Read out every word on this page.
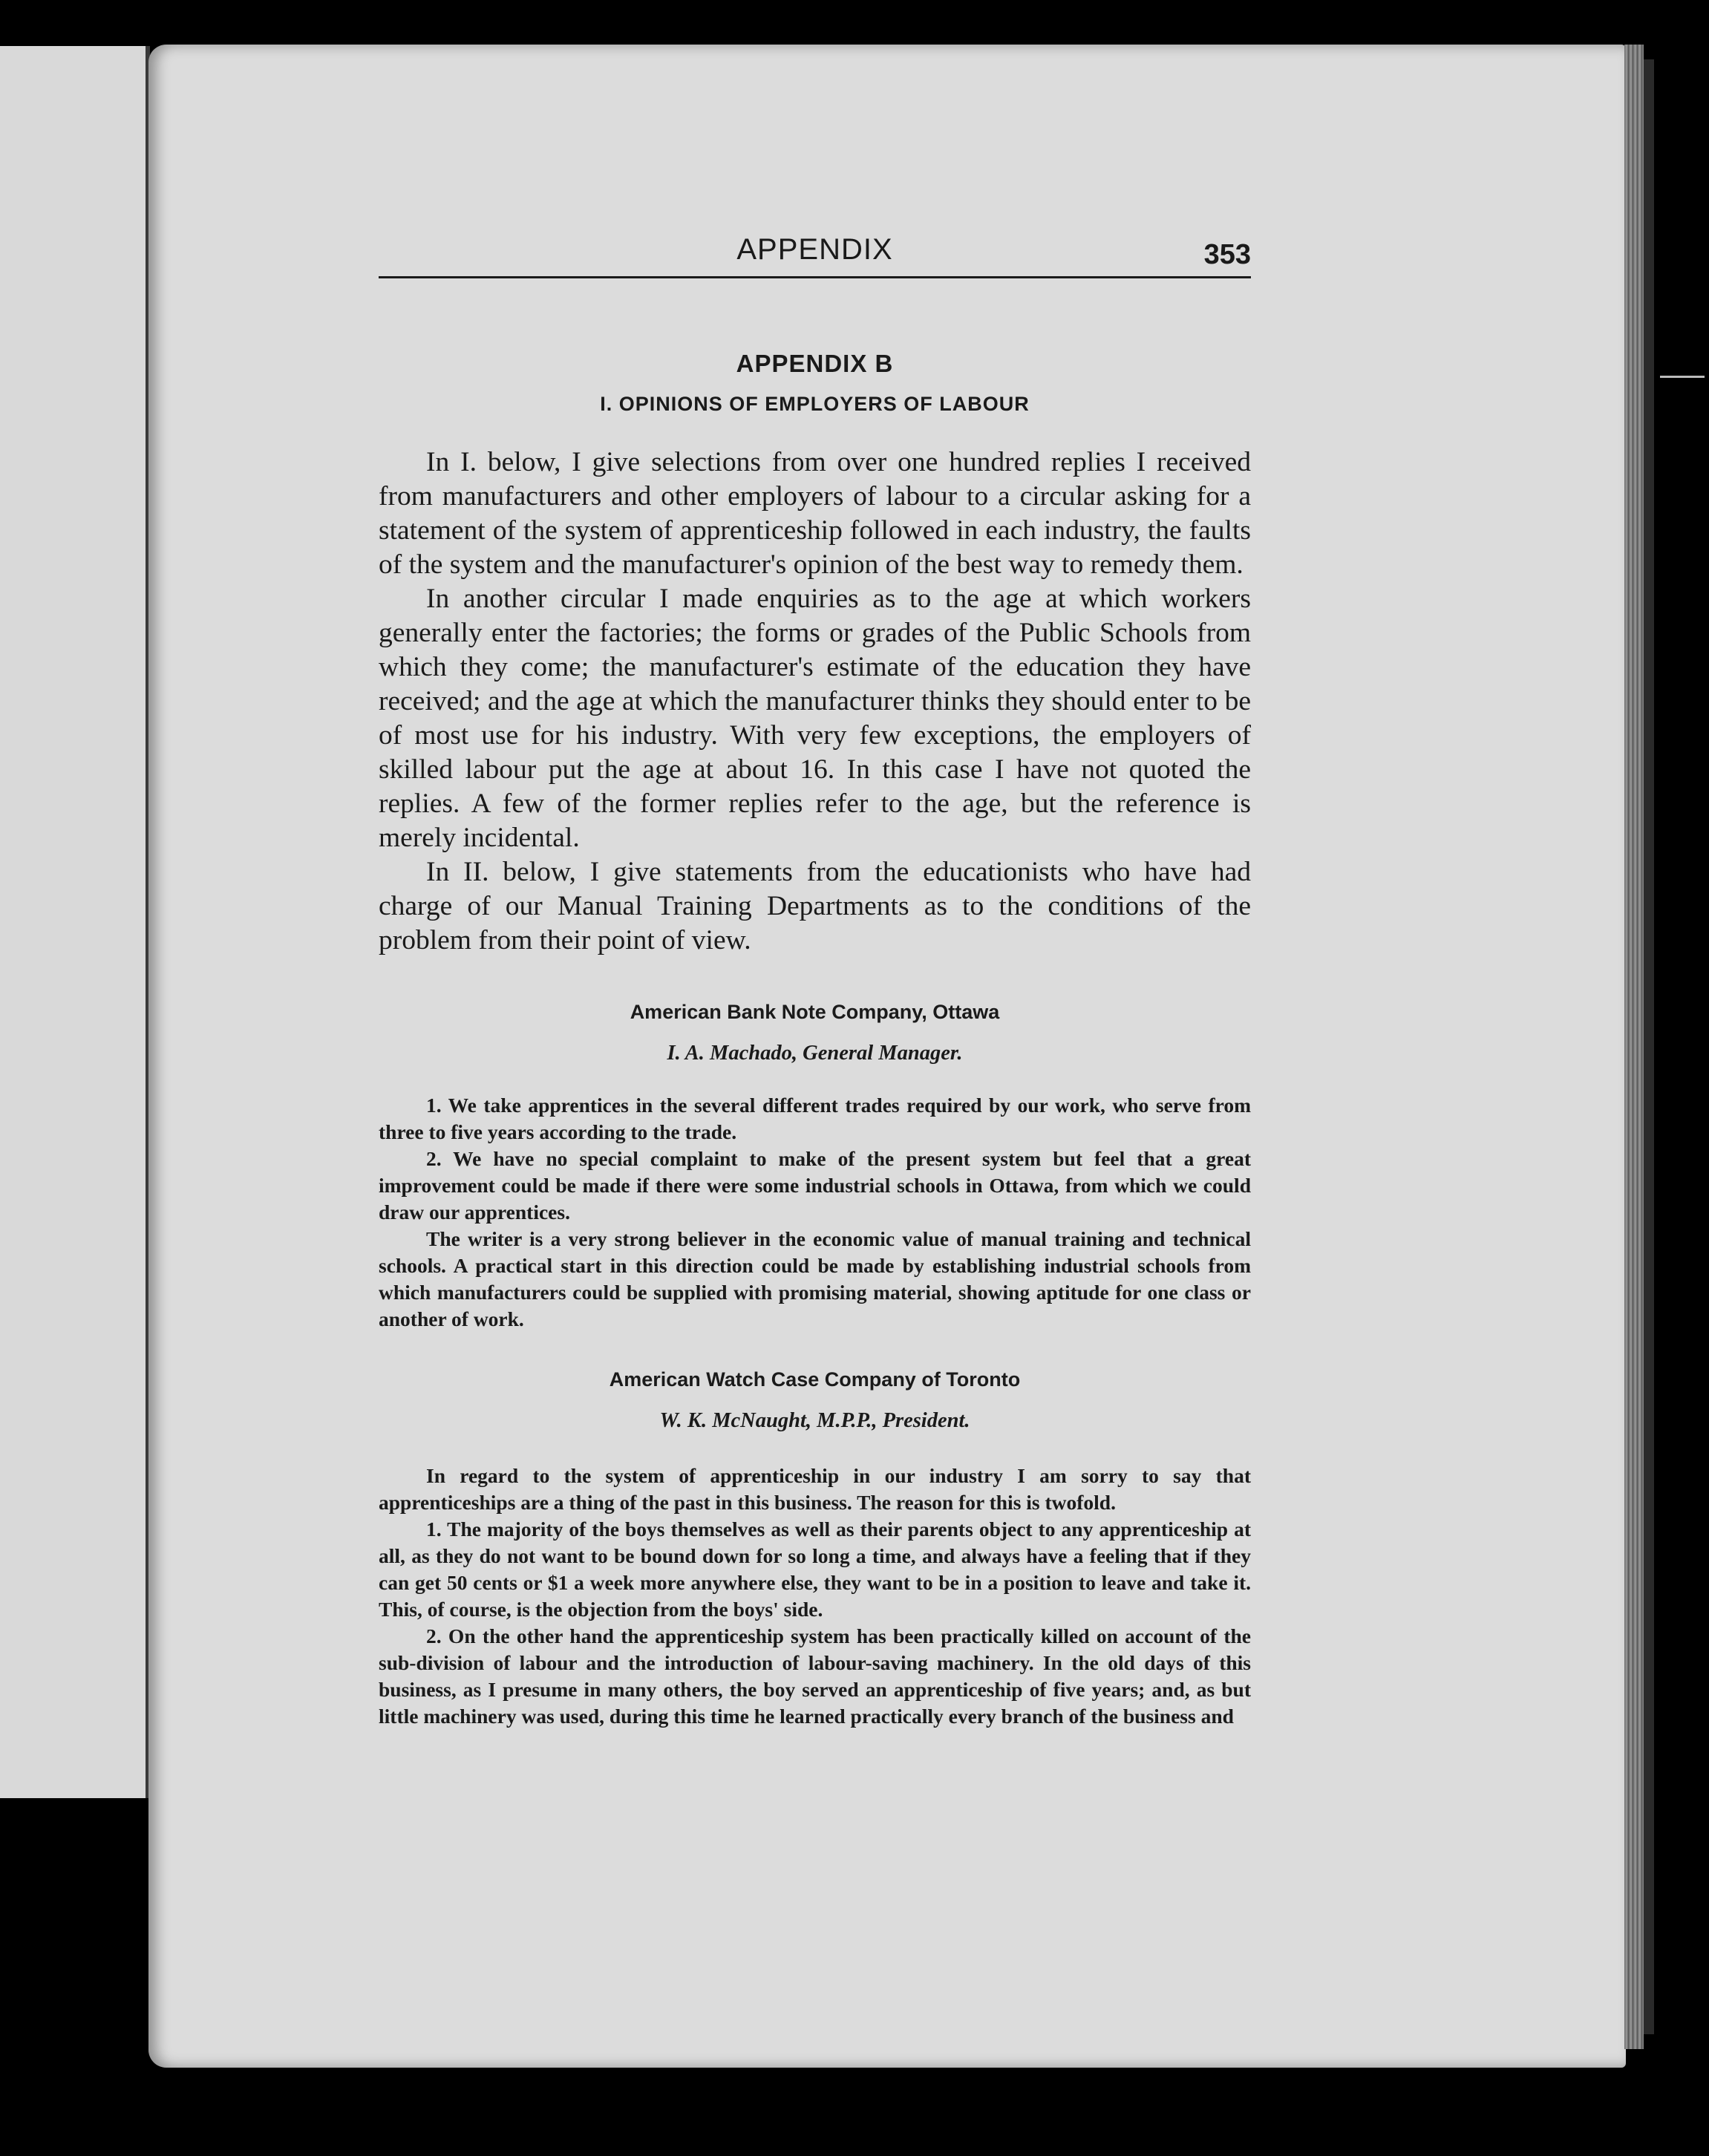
APPENDIX	353
APPENDIX B
I. OPINIONS OF EMPLOYERS OF LABOUR

In I. below, I give selections from over one hundred replies I received from manufacturers and other employers of labour to a circular asking for a statement of the system of apprenticeship followed in each industry, the faults of the system and the manufacturer's opinion of the best way to remedy them.

In another circular I made enquiries as to the age at which workers generally enter the factories; the forms or grades of the Public Schools from which they come; the manufacturer's estimate of the education they have received; and the age at which the manufacturer thinks they should enter to be of most use for his industry. With very few exceptions, the employers of skilled labour put the age at about 16. In this case I have not quoted the replies. A few of the former replies refer to the age, but the reference is merely incidental.

In II. below, I give statements from the educationists who have had charge of our Manual Training Departments as to the conditions of the problem from their point of view.

American Bank Note Company, Ottawa
I. A. Machado, General Manager.

1. We take apprentices in the several different trades required by our work, who serve from three to five years according to the trade.

2. We have no special complaint to make of the present system but feel that a great improvement could be made if there were some industrial schools in Ottawa, from which we could draw our apprentices.

The writer is a very strong believer in the economic value of manual training and technical schools. A practical start in this direction could be made by establishing industrial schools from which manufacturers could be supplied with promising material, showing aptitude for one class or another of work.

American Watch Case Company of Toronto
W. K. McNaught, M.P.P., President.

In regard to the system of apprenticeship in our industry I am sorry to say that apprenticeships are a thing of the past in this business. The reason for this is twofold.

1. The majority of the boys themselves as well as their parents object to any apprenticeship at all, as they do not want to be bound down for so long a time, and always have a feeling that if they can get 50 cents or $1 a week more anywhere else, they want to be in a position to leave and take it. This, of course, is the objection from the boys' side.

2. On the other hand the apprenticeship system has been practically killed on account of the sub-division of labour and the introduction of labour-saving machinery. In the old days of this business, as I presume in many others, the boy served an apprenticeship of five years; and, as but little machinery was used, during this time he learned practically every branch of the business and
